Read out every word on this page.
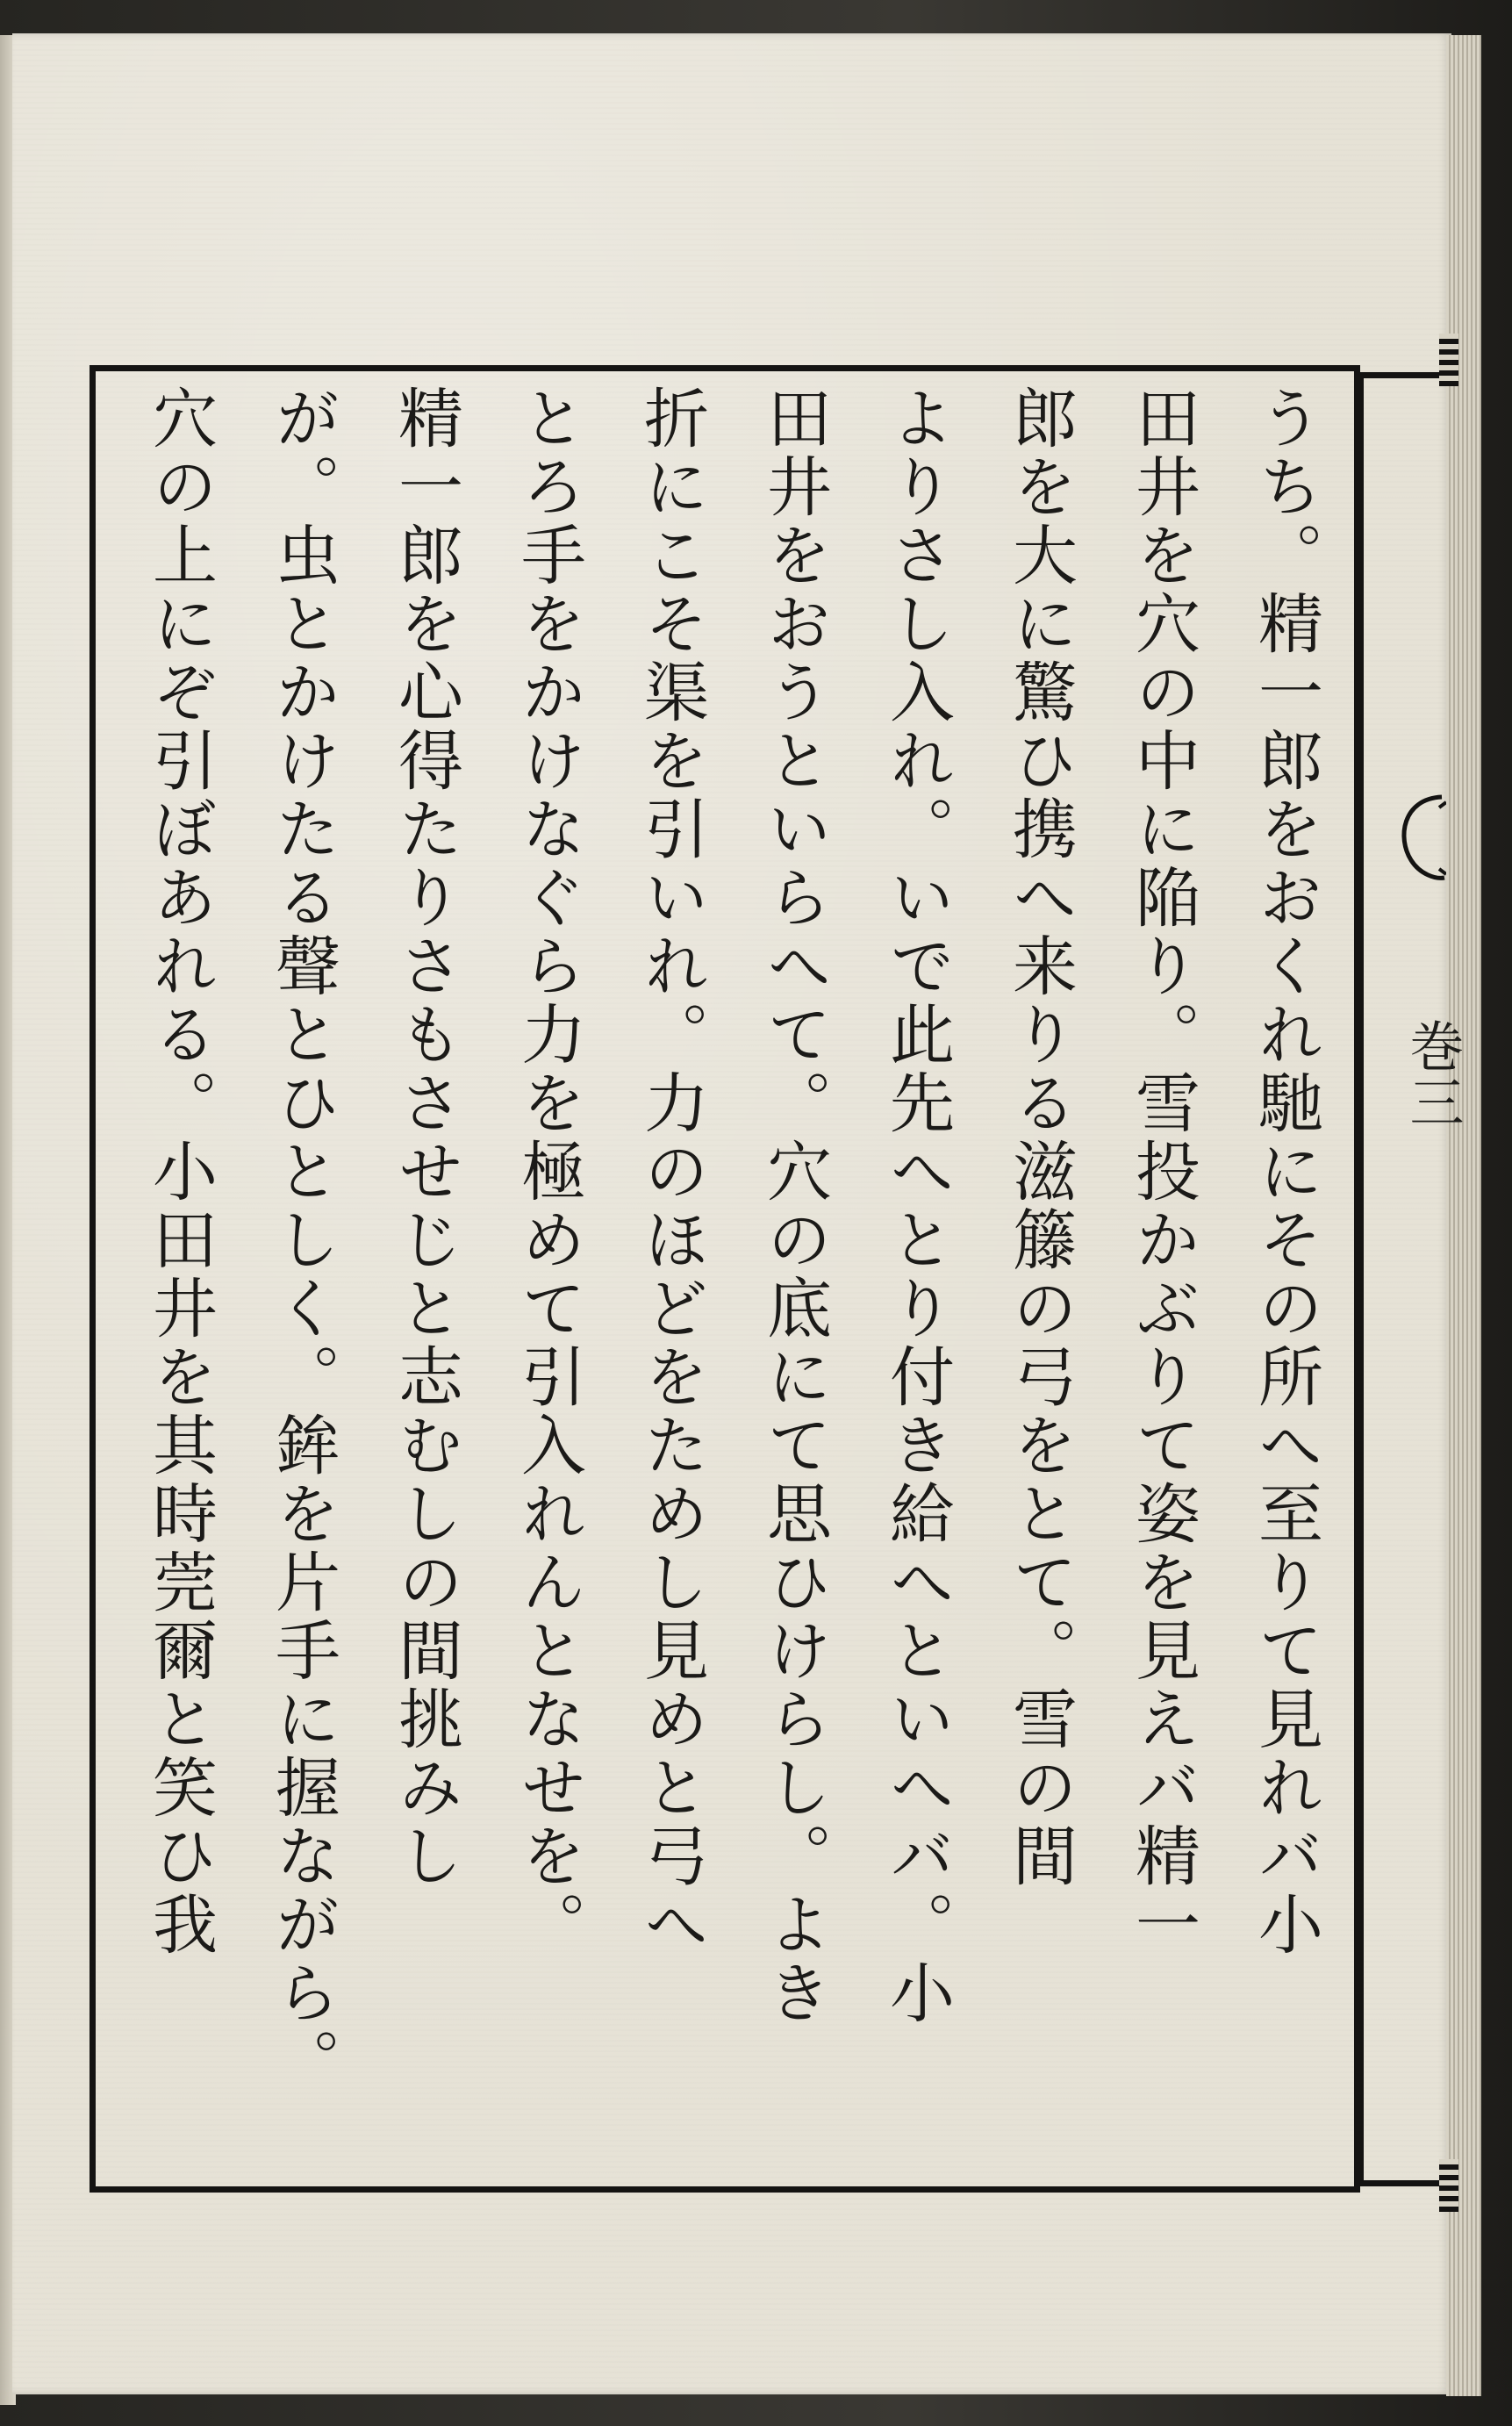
巻三
うち。精一郎をおくれ馳にその所へ至りて見れバ小
田井を穴の中に陥り。雪投かぶりて姿を見えバ精一
郎を大に驚ひ携へ来りる滋籐の弓をとて。雪の間
よりさし入れ。いで此先へとり付き給へといへバ。小
田井をおうといらへて。穴の底にて思ひけらし。よき
折にこそ渠を引いれ。力のほどをためし見めと弓へ
とろ手をかけなぐら力を極めて引入れんとなせを。
精一郎を心得たりさもさせじと志むしの間挑みし
が。虫とかけたる聲とひとしく。鉾を片手に握ながら。
穴の上にぞ引ぼあれる。小田井を其時莞爾と笑ひ我
